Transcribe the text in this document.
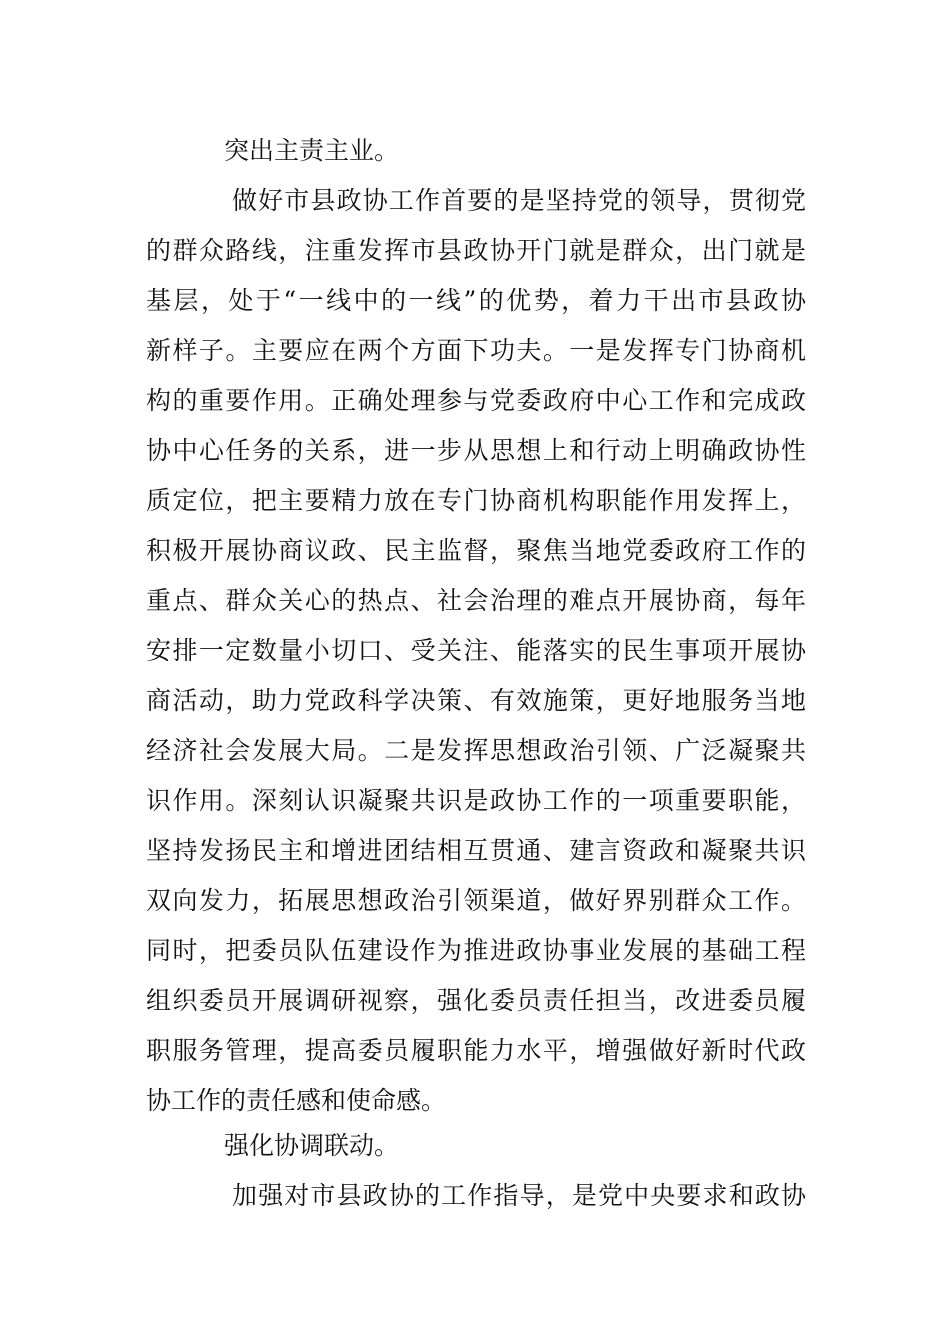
突出主责主业。
做好市县政协工作首要的是坚持党的领导，贯彻党
的群众路线，注重发挥市县政协开门就是群众，出门就是
基层，处于“一线中的一线”的优势，着力干出市县政协
新样子。主要应在两个方面下功夫。一是发挥专门协商机
构的重要作用。正确处理参与党委政府中心工作和完成政
协中心任务的关系，进一步从思想上和行动上明确政协性
质定位，把主要精力放在专门协商机构职能作用发挥上，
积极开展协商议政、民主监督，聚焦当地党委政府工作的
重点、群众关心的热点、社会治理的难点开展协商，每年
安排一定数量小切口、受关注、能落实的民生事项开展协
商活动，助力党政科学决策、有效施策，更好地服务当地
经济社会发展大局。二是发挥思想政治引领、广泛凝聚共
识作用。深刻认识凝聚共识是政协工作的一项重要职能，
坚持发扬民主和增进团结相互贯通、建言资政和凝聚共识
双向发力，拓展思想政治引领渠道，做好界别群众工作。
同时，把委员队伍建设作为推进政协事业发展的基础工程
组织委员开展调研视察，强化委员责任担当，改进委员履
职服务管理，提高委员履职能力水平，增强做好新时代政
协工作的责任感和使命感。
强化协调联动。
加强对市县政协的工作指导，是党中央要求和政协
